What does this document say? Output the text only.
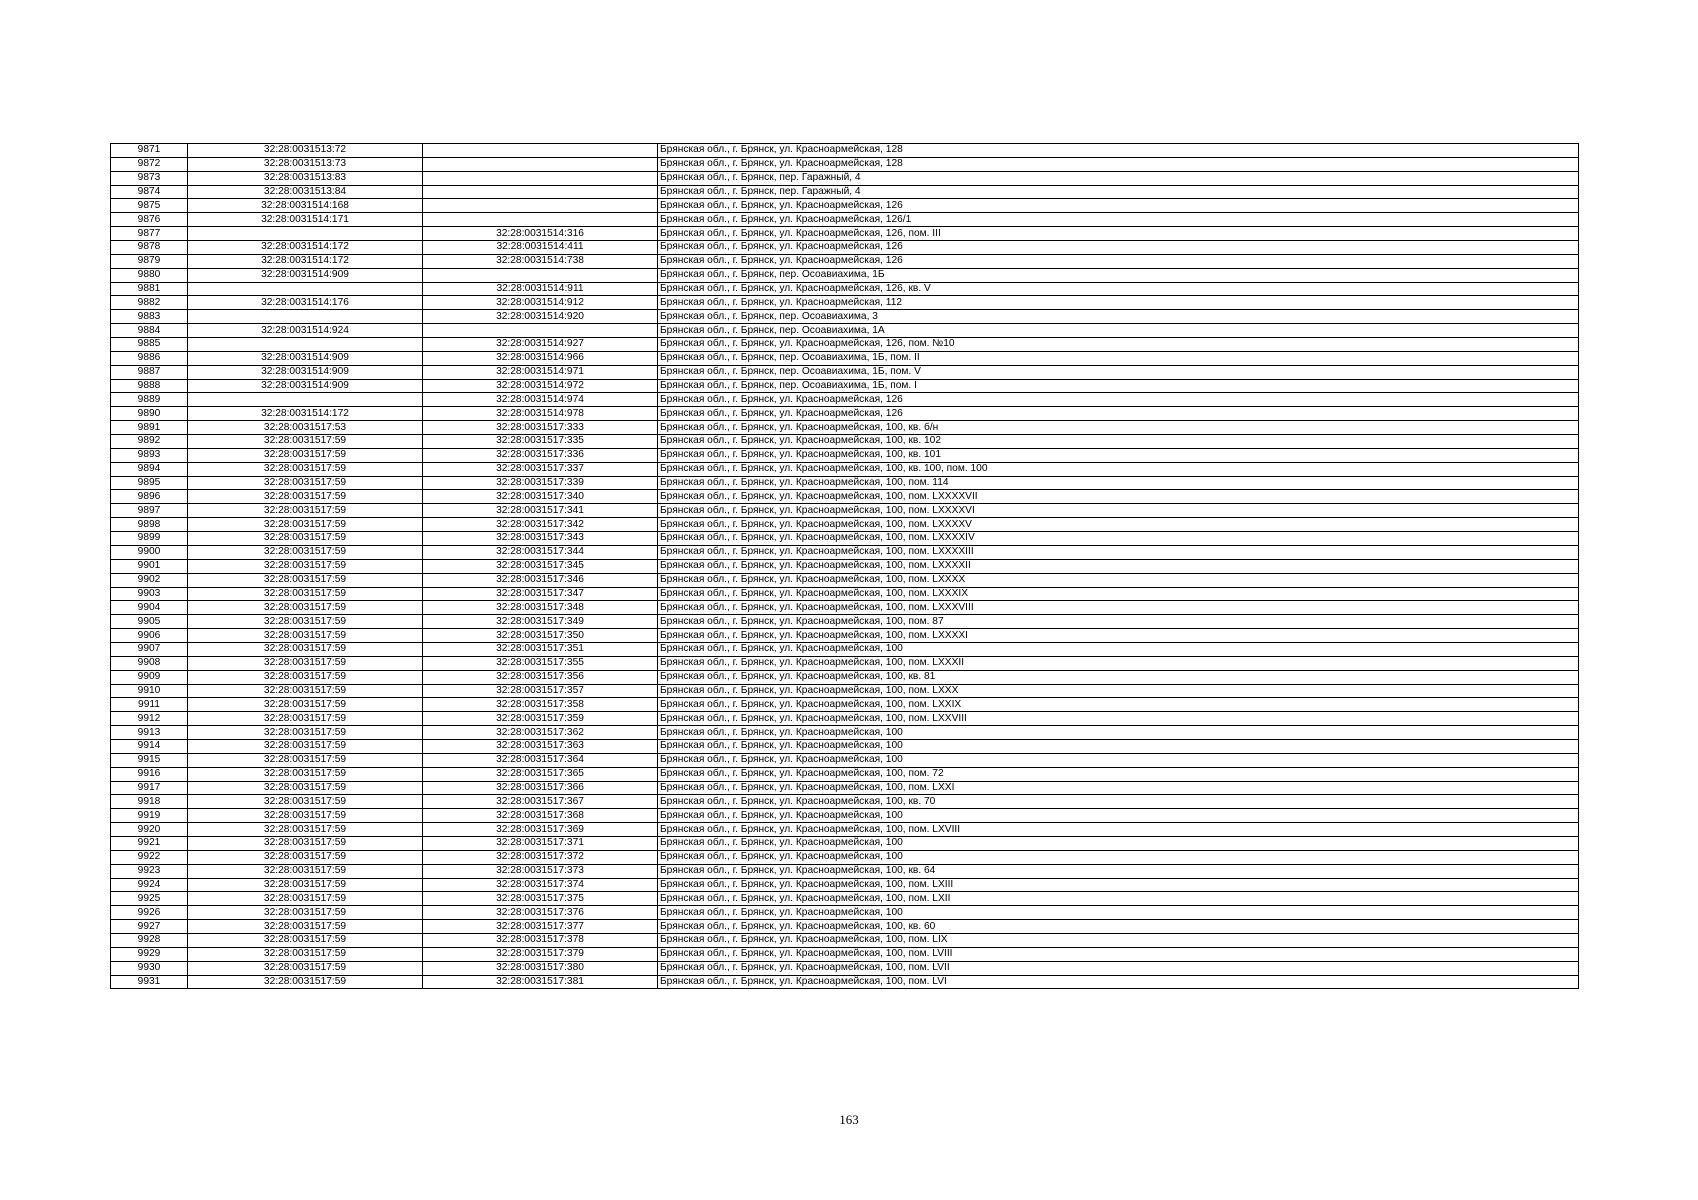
9871	32:28:0031513:72		Брянская обл., г. Брянск, ул. Красноармейская, 128
9872	32:28:0031513:73		Брянская обл., г. Брянск, ул. Красноармейская, 128
9873	32:28:0031513:83		Брянская обл., г. Брянск, пер. Гаражный, 4
9874	32:28:0031513:84		Брянская обл., г. Брянск, пер. Гаражный, 4
9875	32:28:0031514:168		Брянская обл., г. Брянск, ул. Красноармейская, 126
9876	32:28:0031514:171		Брянская обл., г. Брянск, ул. Красноармейская, 126/1
9877		32:28:0031514:316	Брянская обл., г. Брянск, ул. Красноармейская, 126, пом. III
9878	32:28:0031514:172	32:28:0031514:411	Брянская обл., г. Брянск, ул. Красноармейская, 126
9879	32:28:0031514:172	32:28:0031514:738	Брянская обл., г. Брянск, ул. Красноармейская, 126
9880	32:28:0031514:909		Брянская обл., г. Брянск, пер. Осоавиахима, 1Б
9881		32:28:0031514:911	Брянская обл., г. Брянск, ул. Красноармейская, 126, кв. V
9882	32:28:0031514:176	32:28:0031514:912	Брянская обл., г. Брянск, ул. Красноармейская, 112
9883		32:28:0031514:920	Брянская обл., г. Брянск, пер. Осоавиахима, 3
9884	32:28:0031514:924		Брянская обл., г. Брянск, пер. Осоавиахима, 1А
9885		32:28:0031514:927	Брянская обл., г. Брянск, ул. Красноармейская, 126, пом. №10
9886	32:28:0031514:909	32:28:0031514:966	Брянская обл., г. Брянск, пер. Осоавиахима, 1Б, пом. II
9887	32:28:0031514:909	32:28:0031514:971	Брянская обл., г. Брянск, пер. Осоавиахима, 1Б, пом. V
9888	32:28:0031514:909	32:28:0031514:972	Брянская обл., г. Брянск, пер. Осоавиахима, 1Б, пом. I
9889		32:28:0031514:974	Брянская обл., г. Брянск, ул. Красноармейская, 126
9890	32:28:0031514:172	32:28:0031514:978	Брянская обл., г. Брянск, ул. Красноармейская, 126
9891	32:28:0031517:53	32:28:0031517:333	Брянская обл., г. Брянск, ул. Красноармейская, 100, кв. б/н
9892	32:28:0031517:59	32:28:0031517:335	Брянская обл., г. Брянск, ул. Красноармейская, 100, кв. 102
9893	32:28:0031517:59	32:28:0031517:336	Брянская обл., г. Брянск, ул. Красноармейская, 100, кв. 101
9894	32:28:0031517:59	32:28:0031517:337	Брянская обл., г. Брянск, ул. Красноармейская, 100, кв. 100, пом. 100
9895	32:28:0031517:59	32:28:0031517:339	Брянская обл., г. Брянск, ул. Красноармейская, 100, пом. 114
9896	32:28:0031517:59	32:28:0031517:340	Брянская обл., г. Брянск, ул. Красноармейская, 100, пом. LXXXXVII
9897	32:28:0031517:59	32:28:0031517:341	Брянская обл., г. Брянск, ул. Красноармейская, 100, пом. LXXXXVI
9898	32:28:0031517:59	32:28:0031517:342	Брянская обл., г. Брянск, ул. Красноармейская, 100, пом. LXXXXV
9899	32:28:0031517:59	32:28:0031517:343	Брянская обл., г. Брянск, ул. Красноармейская, 100, пом. LXXXXIV
9900	32:28:0031517:59	32:28:0031517:344	Брянская обл., г. Брянск, ул. Красноармейская, 100, пом. LXXXXIII
9901	32:28:0031517:59	32:28:0031517:345	Брянская обл., г. Брянск, ул. Красноармейская, 100, пом. LXXXXII
9902	32:28:0031517:59	32:28:0031517:346	Брянская обл., г. Брянск, ул. Красноармейская, 100, пом. LXXXX
9903	32:28:0031517:59	32:28:0031517:347	Брянская обл., г. Брянск, ул. Красноармейская, 100, пом. LXXXIX
9904	32:28:0031517:59	32:28:0031517:348	Брянская обл., г. Брянск, ул. Красноармейская, 100, пом. LXXXVIII
9905	32:28:0031517:59	32:28:0031517:349	Брянская обл., г. Брянск, ул. Красноармейская, 100, пом. 87
9906	32:28:0031517:59	32:28:0031517:350	Брянская обл., г. Брянск, ул. Красноармейская, 100, пом. LXXXXI
9907	32:28:0031517:59	32:28:0031517:351	Брянская обл., г. Брянск, ул. Красноармейская, 100
9908	32:28:0031517:59	32:28:0031517:355	Брянская обл., г. Брянск, ул. Красноармейская, 100, пом. LXXXII
9909	32:28:0031517:59	32:28:0031517:356	Брянская обл., г. Брянск, ул. Красноармейская, 100, кв. 81
9910	32:28:0031517:59	32:28:0031517:357	Брянская обл., г. Брянск, ул. Красноармейская, 100, пом. LXXX
9911	32:28:0031517:59	32:28:0031517:358	Брянская обл., г. Брянск, ул. Красноармейская, 100, пом. LXXIX
9912	32:28:0031517:59	32:28:0031517:359	Брянская обл., г. Брянск, ул. Красноармейская, 100, пом. LXXVIII
9913	32:28:0031517:59	32:28:0031517:362	Брянская обл., г. Брянск, ул. Красноармейская, 100
9914	32:28:0031517:59	32:28:0031517:363	Брянская обл., г. Брянск, ул. Красноармейская, 100
9915	32:28:0031517:59	32:28:0031517:364	Брянская обл., г. Брянск, ул. Красноармейская, 100
9916	32:28:0031517:59	32:28:0031517:365	Брянская обл., г. Брянск, ул. Красноармейская, 100, пом. 72
9917	32:28:0031517:59	32:28:0031517:366	Брянская обл., г. Брянск, ул. Красноармейская, 100, пом. LXXI
9918	32:28:0031517:59	32:28:0031517:367	Брянская обл., г. Брянск, ул. Красноармейская, 100, кв. 70
9919	32:28:0031517:59	32:28:0031517:368	Брянская обл., г. Брянск, ул. Красноармейская, 100
9920	32:28:0031517:59	32:28:0031517:369	Брянская обл., г. Брянск, ул. Красноармейская, 100, пом. LXVIII
9921	32:28:0031517:59	32:28:0031517:371	Брянская обл., г. Брянск, ул. Красноармейская, 100
9922	32:28:0031517:59	32:28:0031517:372	Брянская обл., г. Брянск, ул. Красноармейская, 100
9923	32:28:0031517:59	32:28:0031517:373	Брянская обл., г. Брянск, ул. Красноармейская, 100, кв. 64
9924	32:28:0031517:59	32:28:0031517:374	Брянская обл., г. Брянск, ул. Красноармейская, 100, пом. LXIII
9925	32:28:0031517:59	32:28:0031517:375	Брянская обл., г. Брянск, ул. Красноармейская, 100, пом. LXII
9926	32:28:0031517:59	32:28:0031517:376	Брянская обл., г. Брянск, ул. Красноармейская, 100
9927	32:28:0031517:59	32:28:0031517:377	Брянская обл., г. Брянск, ул. Красноармейская, 100, кв. 60
9928	32:28:0031517:59	32:28:0031517:378	Брянская обл., г. Брянск, ул. Красноармейская, 100, пом. LIX
9929	32:28:0031517:59	32:28:0031517:379	Брянская обл., г. Брянск, ул. Красноармейская, 100, пом. LVIII
9930	32:28:0031517:59	32:28:0031517:380	Брянская обл., г. Брянск, ул. Красноармейская, 100, пом. LVII
9931	32:28:0031517:59	32:28:0031517:381	Брянская обл., г. Брянск, ул. Красноармейская, 100, пом. LVI
163
